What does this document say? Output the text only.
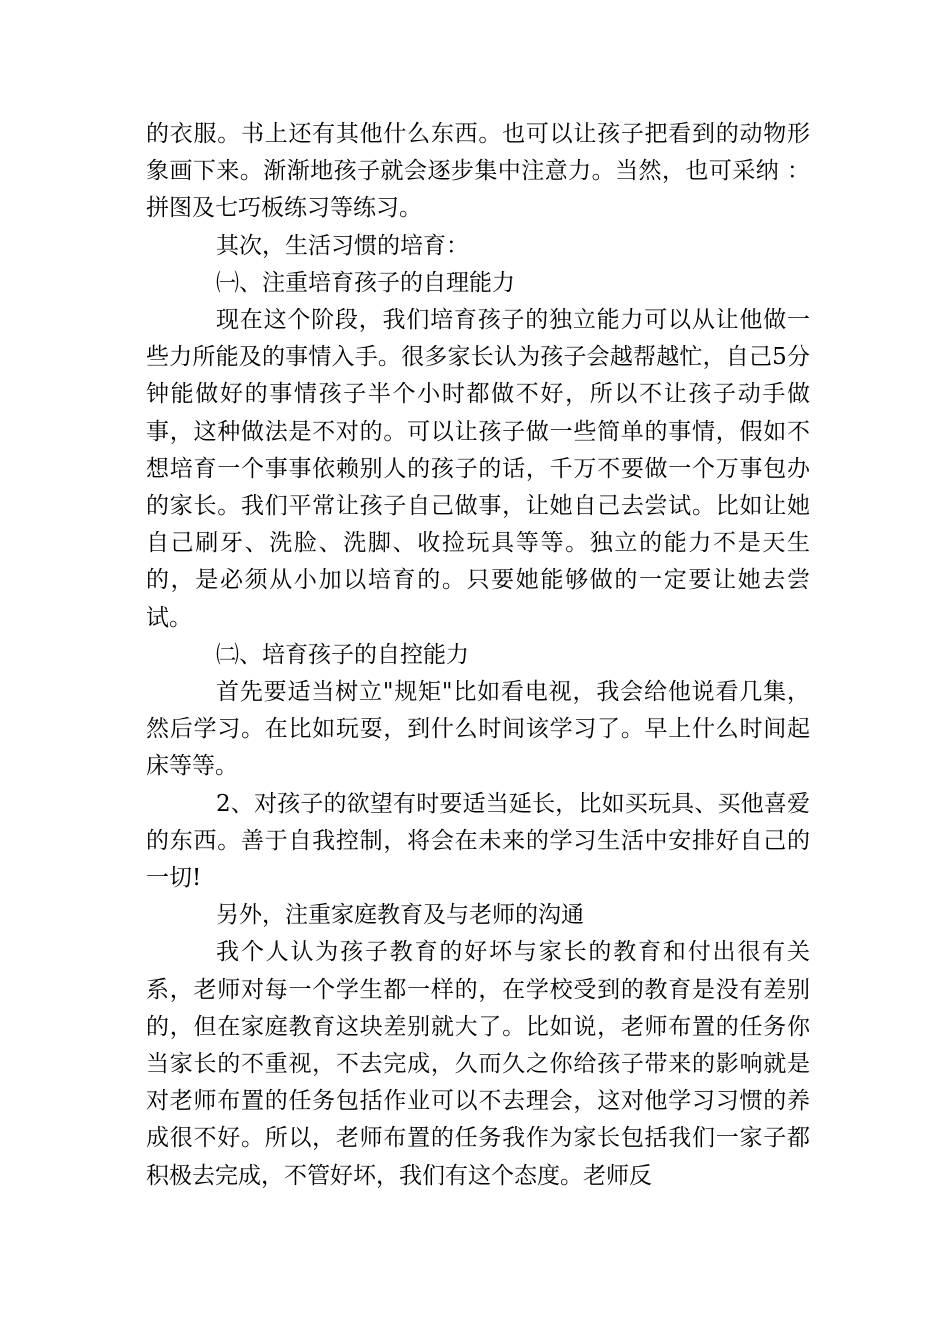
的衣服。书上还有其他什么东西。也可以让孩子把看到的动物形象画下来。渐渐地孩子就会逐步集中注意力。当然，也可采纳 ：拼图及七巧板练习等练习。

其次，生活习惯的培育：

㈠、注重培育孩子的自理能力

现在这个阶段，我们培育孩子的独立能力可以从让他做一些力所能及的事情入手。很多家长认为孩子会越帮越忙，自己5分钟能做好的事情孩子半个小时都做不好，所以不让孩子动手做事，这种做法是不对的。可以让孩子做一些简单的事情，假如不想培育一个事事依赖别人的孩子的话，千万不要做一个万事包办的家长。我们平常让孩子自己做事，让她自己去尝试。比如让她自己刷牙、洗脸、洗脚、收捡玩具等等。独立的能力不是天生的，是必须从小加以培育的。只要她能够做的一定要让她去尝试。

㈡、培育孩子的自控能力

首先要适当树立"规矩"比如看电视，我会给他说看几集，然后学习。在比如玩耍，到什么时间该学习了。早上什么时间起床等等。

2、对孩子的欲望有时要适当延长，比如买玩具、买他喜爱的东西。善于自我控制，将会在未来的学习生活中安排好自己的一切!

另外，注重家庭教育及与老师的沟通

我个人认为孩子教育的好坏与家长的教育和付出很有关系，老师对每一个学生都一样的，在学校受到的教育是没有差别的，但在家庭教育这块差别就大了。比如说，老师布置的任务你当家长的不重视，不去完成，久而久之你给孩子带来的影响就是对老师布置的任务包括作业可以不去理会，这对他学习习惯的养成很不好。所以，老师布置的任务我作为家长包括我们一家子都积极去完成，不管好坏，我们有这个态度。老师反
